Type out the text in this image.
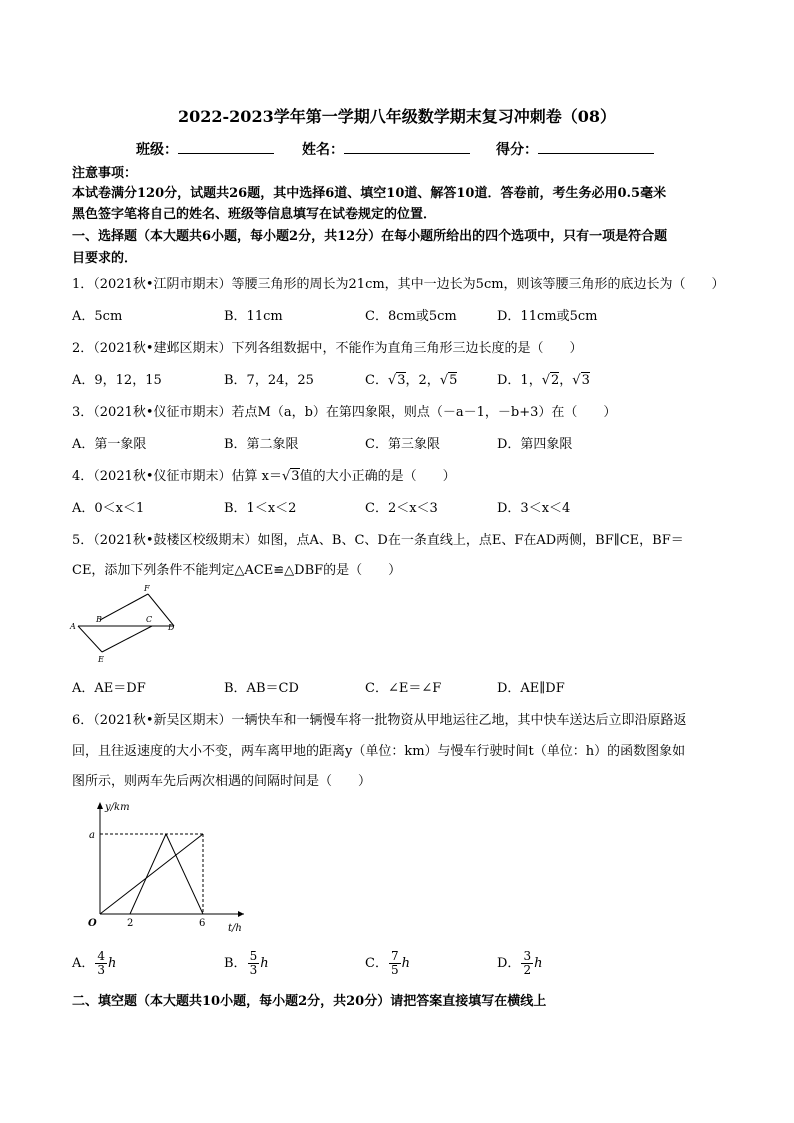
2022-2023学年第一学期八年级数学期末复习冲刺卷（08）
班级：	姓名：	得分：
注意事项：
本试卷满分120分，试题共26题，其中选择6道、填空10道、解答10道．答卷前，考生务必用0.5毫米
黑色签字笔将自己的姓名、班级等信息填写在试卷规定的位置．
一、选择题（本大题共6小题，每小题2分，共12分）在每小题所给出的四个选项中，只有一项是符合题
目要求的．
1．（2021秋•江阴市期末）等腰三角形的周长为21cm，其中一边长为5cm，则该等腰三角形的底边长为（　　）
A．5cm	B．11cm	C．8cm或5cm	D．11cm或5cm
2．（2021秋•建邺区期末）下列各组数据中，不能作为直角三角形三边长度的是（　　）
A．9，12，15	B．7，24，25	C．√3，2，√5	D．1，√2，√3
3．（2021秋•仪征市期末）若点M（a，b）在第四象限，则点（－a－1，－b+3）在（　　）
A．第一象限	B．第二象限	C．第三象限	D．第四象限
4．（2021秋•仪征市期末）估算 x＝√3值的大小正确的是（　　）
A．0＜x＜1	B．1＜x＜2	C．2＜x＜3	D．3＜x＜4
5．（2021秋•鼓楼区校级期末）如图，点A、B、C、D在一条直线上，点E、F在AD两侧，BF∥CE，BF＝
CE，添加下列条件不能判定△ACE≌△DBF的是（　　）
A
B	C
D
E
F
A．AE＝DF	B．AB＝CD	C．∠E＝∠F	D．AE∥DF
6．（2021秋•新吴区期末）一辆快车和一辆慢车将一批物资从甲地运往乙地，其中快车送达后立即沿原路返
回，且往返速度的大小不变，两车离甲地的距离y（单位：km）与慢车行驶时间t（单位：h）的函数图象如
图所示，则两车先后两次相遇的间隔时间是（　　）
y/km
t/h
O
a
2	6
A． $\frac{4}{3}$ h	B． $\frac{5}{3}$ h	C． $\frac{7}{5}$ h	D． $\frac{3}{2}$ h
二、填空题（本大题共10小题，每小题2分，共20分）请把答案直接填写在横线上
